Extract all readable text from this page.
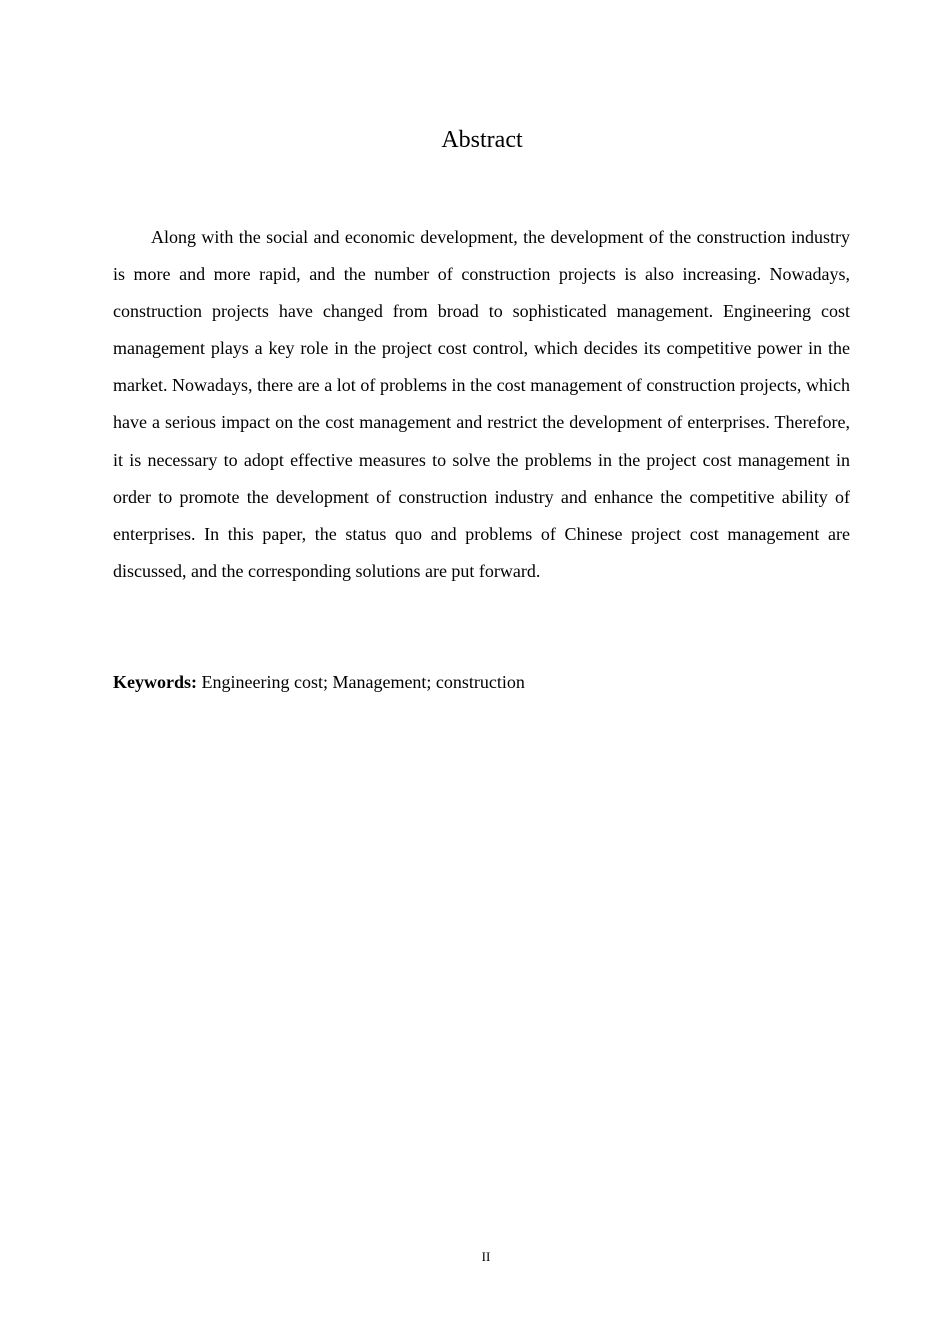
Abstract

Along with the social and economic development, the development of the construction industry is more and more rapid, and the number of construction projects is also increasing. Nowadays, construction projects have changed from broad to sophisticated management. Engineering cost management plays a key role in the project cost control, which decides its competitive power in the market. Nowadays, there are a lot of problems in the cost management of construction projects, which have a serious impact on the cost management and restrict the development of enterprises. Therefore, it is necessary to adopt effective measures to solve the problems in the project cost management in order to promote the development of construction industry and enhance the competitive ability of enterprises. In this paper, the status quo and problems of Chinese project cost management are discussed, and the corresponding solutions are put forward.

Keywords: Engineering cost; Management; construction

II
